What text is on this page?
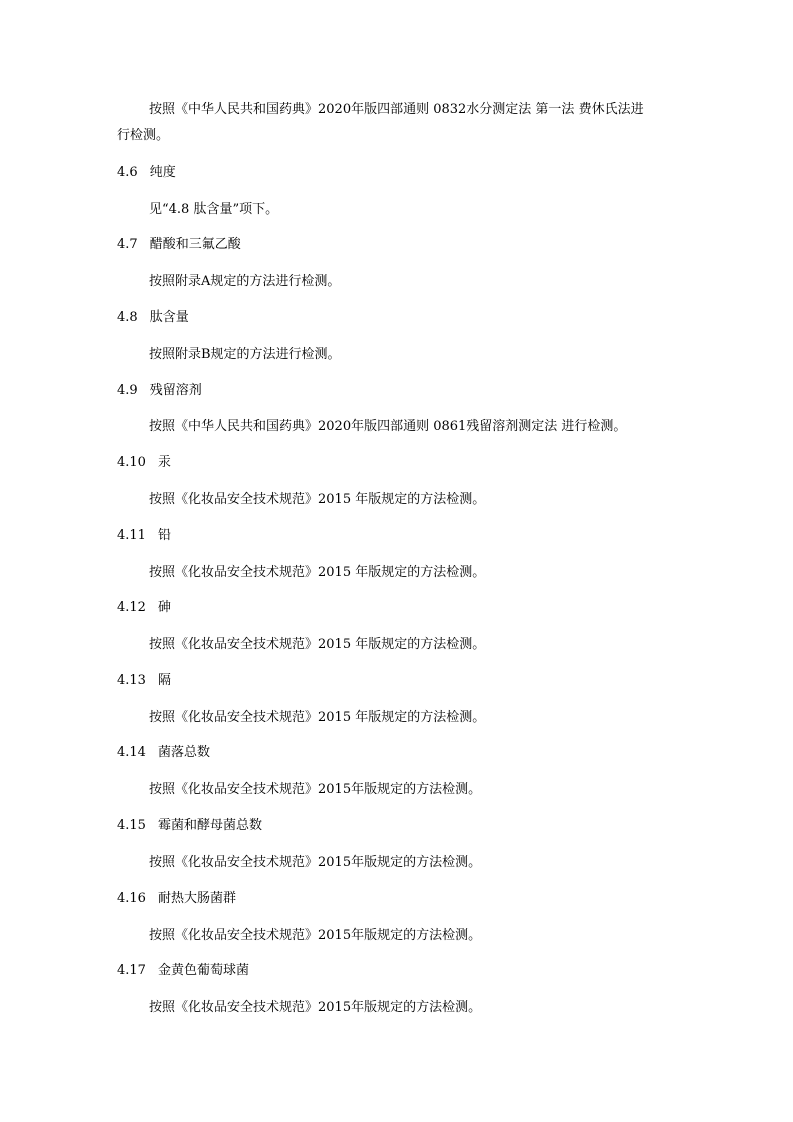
按照《中华人民共和国药典》2020年版四部通则 0832水分测定法 第一法 费休氏法进
行检测。
4.6 纯度
见“4.8 肽含量”项下。
4.7 醋酸和三氟乙酸
按照附录A规定的方法进行检测。
4.8 肽含量
按照附录B规定的方法进行检测。
4.9 残留溶剂
按照《中华人民共和国药典》2020年版四部通则 0861残留溶剂测定法 进行检测。
4.10 汞
按照《化妆品安全技术规范》2015 年版规定的方法检测。
4.11 铅
按照《化妆品安全技术规范》2015 年版规定的方法检测。
4.12 砷
按照《化妆品安全技术规范》2015 年版规定的方法检测。
4.13 隔
按照《化妆品安全技术规范》2015 年版规定的方法检测。
4.14 菌落总数
按照《化妆品安全技术规范》2015年版规定的方法检测。
4.15 霉菌和酵母菌总数
按照《化妆品安全技术规范》2015年版规定的方法检测。
4.16 耐热大肠菌群
按照《化妆品安全技术规范》2015年版规定的方法检测。
4.17 金黄色葡萄球菌
按照《化妆品安全技术规范》2015年版规定的方法检测。
